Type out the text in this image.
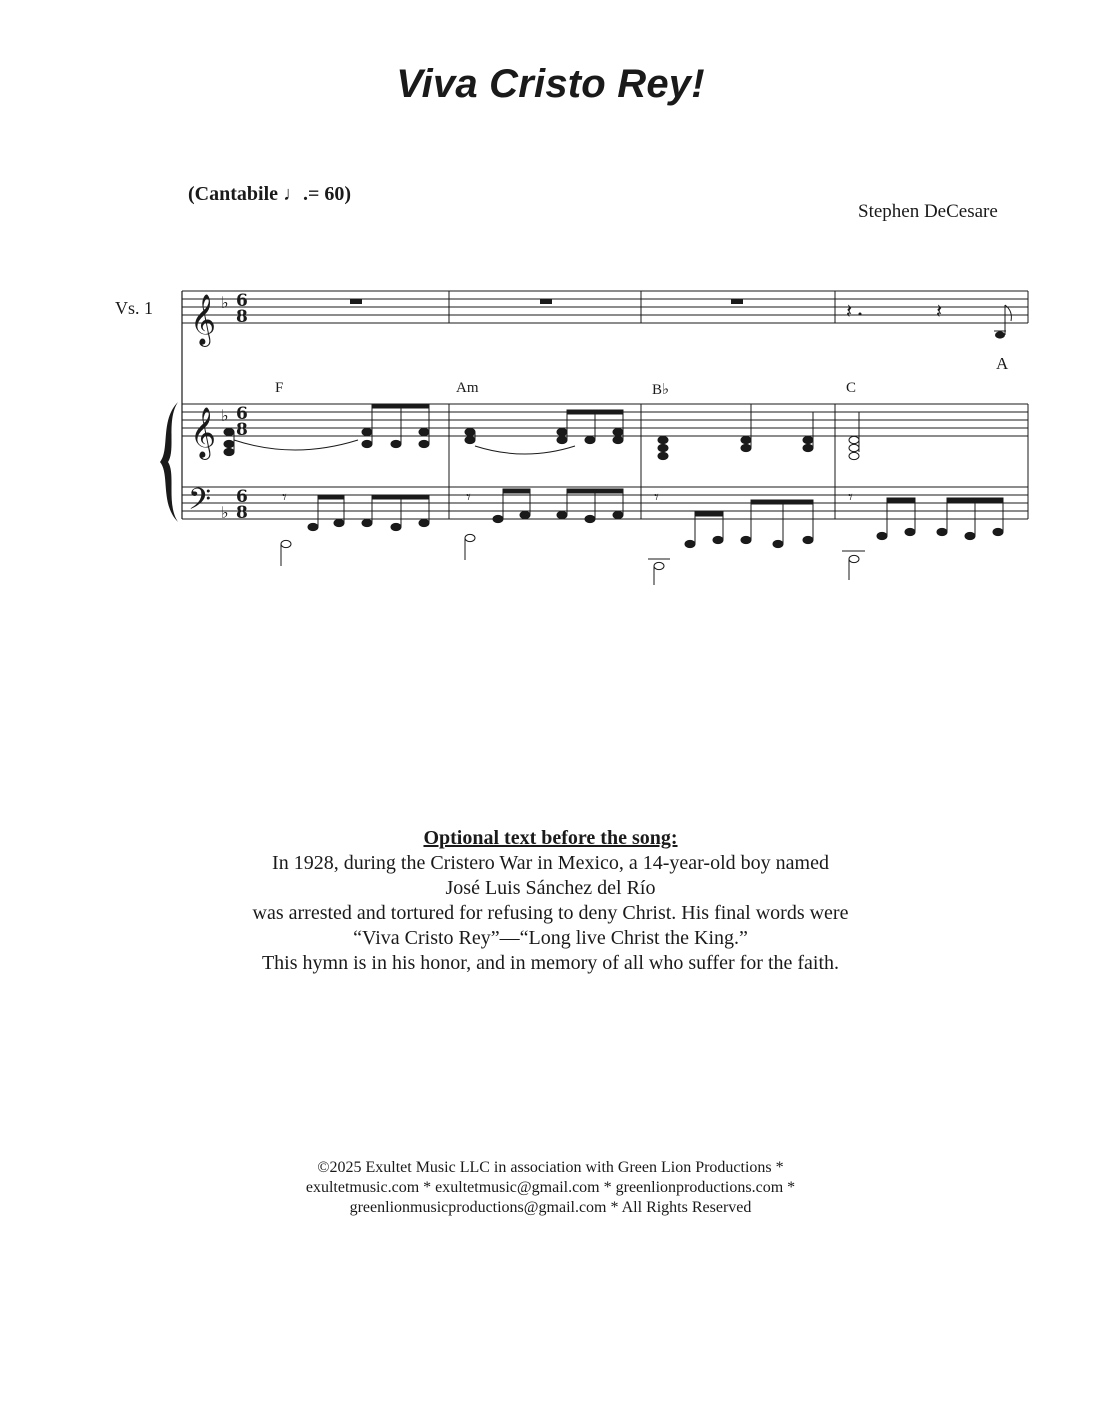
Viva Cristo Rey!
(Cantabile ♩.= 60)
Stephen DeCesare
Vs. 1
F	Am	B♭	C
A
𝄞
𝄞
𝄢
♭
♭
♭
6
8
6
8
6
8
𝄽	𝄽
𝄾	𝄾	𝄾	𝄾
Optional text before the song:
In 1928, during the Cristero War in Mexico, a 14-year-old boy named
José Luis Sánchez del Río
was arrested and tortured for refusing to deny Christ. His final words were
“Viva Cristo Rey”—“Long live Christ the King.”
This hymn is in his honor, and in memory of all who suffer for the faith.
©2025 Exultet Music LLC in association with Green Lion Productions *
exultetmusic.com * exultetmusic@gmail.com * greenlionproductions.com *
greenlionmusicproductions@gmail.com * All Rights Reserved
